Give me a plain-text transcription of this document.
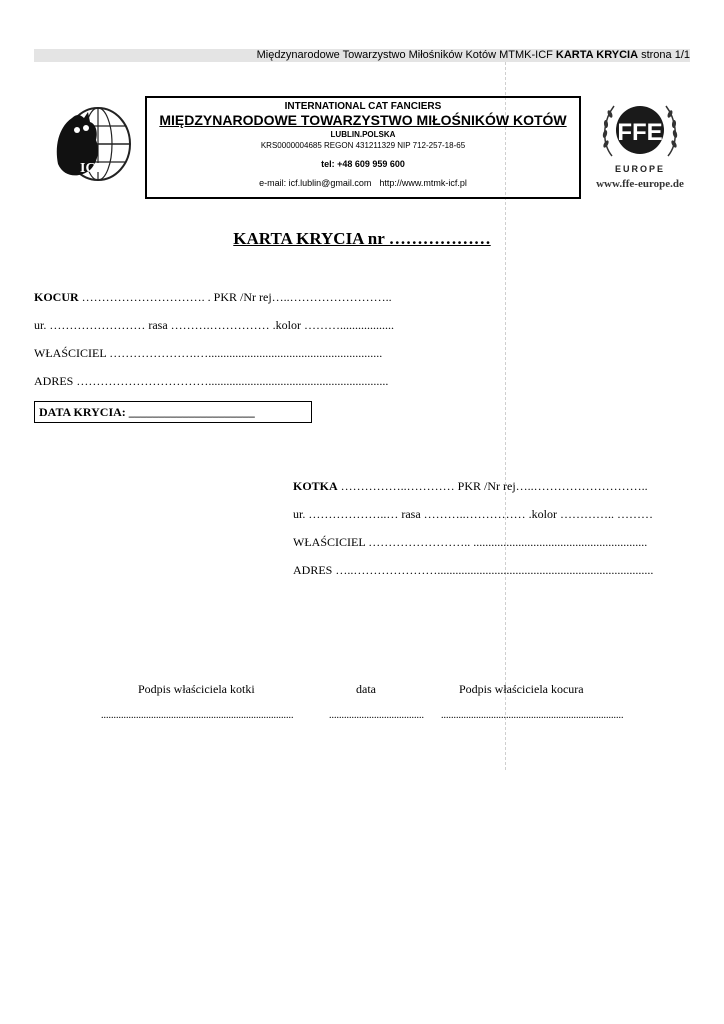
Międzynarodowe Towarzystwo Miłośników Kotów MTMK-ICF KARTA KRYCIA strona 1/1
ICF
INTERNATIONAL CAT FANCIERS
MIĘDZYNARODOWE TOWARZYSTWO MIŁOŚNIKÓW KOTÓW
LUBLIN.POLSKA
KRS0000004685 REGON 431211329 NIP 712-257-18-65
tel: +48 609 959 600
e-mail: icf.lublin@gmail.com http://www.mtmk-icf.pl
FFE
EUROPE
www.ffe-europe.de
KARTA KRYCIA nr ………………
KOCUR …………………………. . PKR /Nr rej…..……………………..
ur. …………………… rasa ……….…………… .kolor ………..................
WŁAŚCICIEL ………………….…..........................................................
ADRES ……………………………............................................................
DATA KRYCIA: _____________________
KOTKA ……………..………… PKR /Nr rej…..………………………..
ur. ………………..… rasa ………..…………… .kolor ………….. ………
WŁAŚCICIEL …………………….. ..........................................................
ADRES …..…………………........................................................................
Podpis właściciela kotki	data	Podpis właściciela kocura
.............................................................................	...................................... .........................................................................
